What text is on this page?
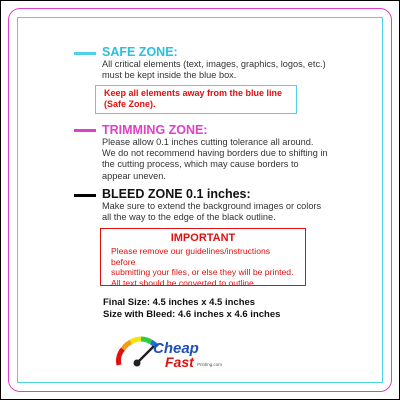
SAFE ZONE:

All critical elements (text, images, graphics, logos, etc.)

must be kept inside the blue box.

Keep all elements away from the blue line
(Safe Zone).

TRIMMING ZONE:

Please allow 0.1 inches cutting tolerance all around.

We do not recommend having borders due to shifting in

the cutting process, which may cause borders to

appear uneven.

BLEED ZONE 0.1 inches:

Make sure to extend the background images or colors

all the way to the edge of the black outline.

IMPORTANT

Please remove our guidelines/instructions before

submitting your files, or else they will be printed.

All text should be converted to outline.

Final Size: 4.5 inches x 4.5 inches
Size with Bleed: 4.6 inches x 4.6 inches
Cheap
Fast Printing.com
